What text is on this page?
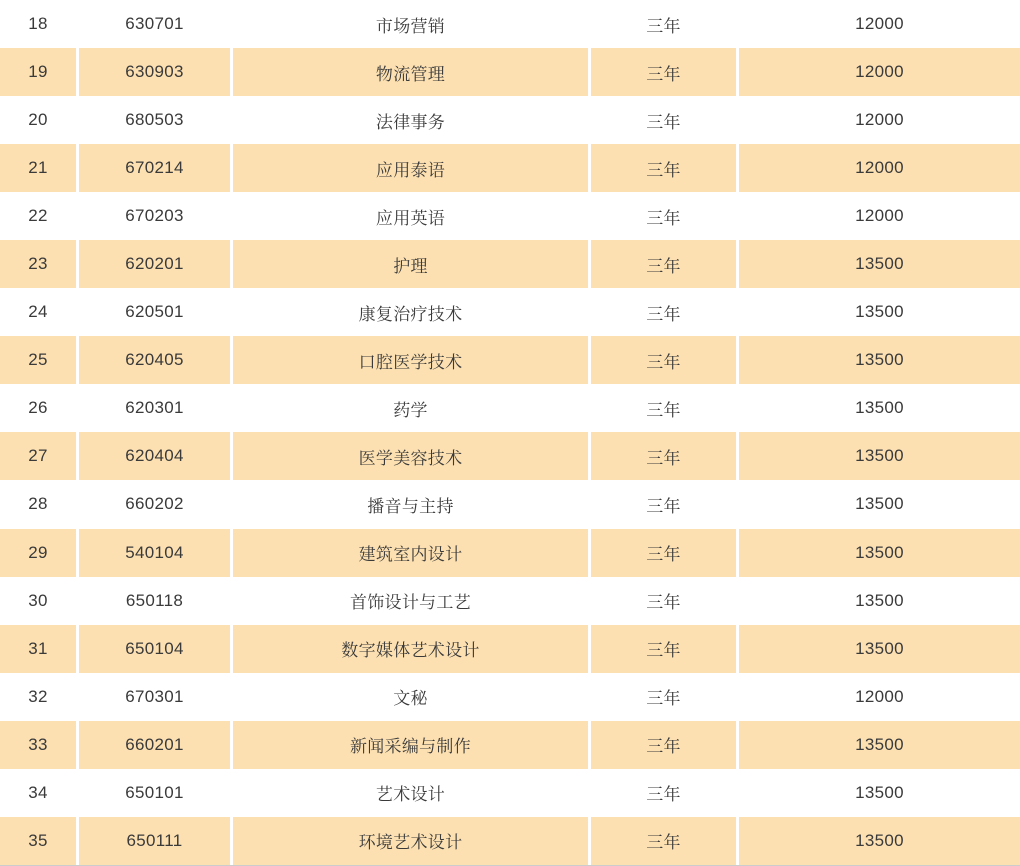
18	630701	市场营销	三年	12000
19	630903	物流管理	三年	12000
20	680503	法律事务	三年	12000
21	670214	应用泰语	三年	12000
22	670203	应用英语	三年	12000
23	620201	护理	三年	13500
24	620501	康复治疗技术	三年	13500
25	620405	口腔医学技术	三年	13500
26	620301	药学	三年	13500
27	620404	医学美容技术	三年	13500
28	660202	播音与主持	三年	13500
29	540104	建筑室内设计	三年	13500
30	650118	首饰设计与工艺	三年	13500
31	650104	数字媒体艺术设计	三年	13500
32	670301	文秘	三年	12000
33	660201	新闻采编与制作	三年	13500
34	650101	艺术设计	三年	13500
35	650111	环境艺术设计	三年	13500
